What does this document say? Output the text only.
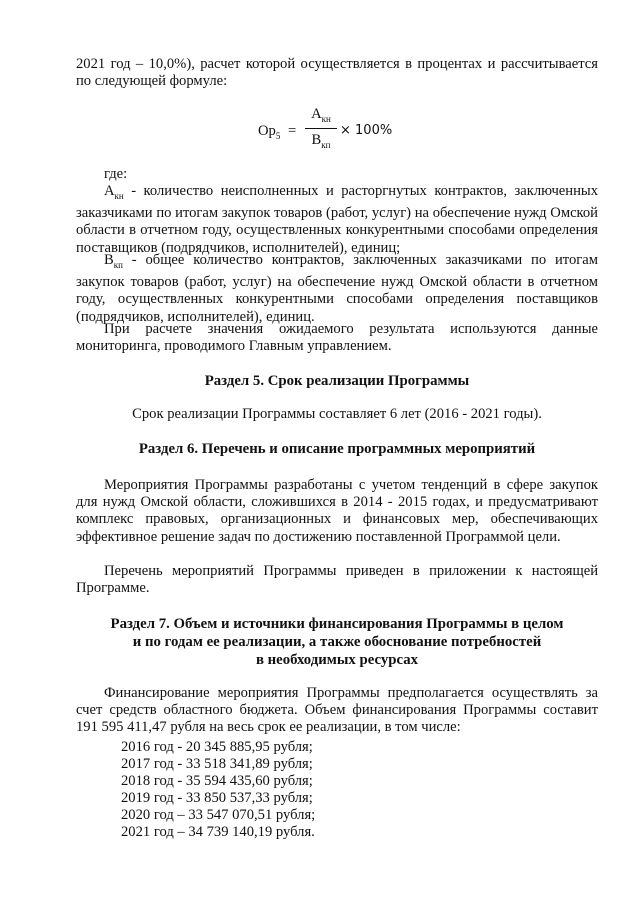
2021 год – 10,0%), расчет которой осуществляется в процентах и рассчитывается по следующей формуле:

$Ор_5$ =
$А_{кн}$
$В_{кп}$
× 100%

где:

$А_{кн}$ - количество неисполненных и расторгнутых контрактов, заключенных заказчиками по итогам закупок товаров (работ, услуг) на обеспечение нужд Омской области в отчетном году, осуществленных конкурентными способами определения поставщиков (подрядчиков, исполнителей), единиц;

$В_{кп}$ - общее количество контрактов, заключенных заказчиками по итогам закупок товаров (работ, услуг) на обеспечение нужд Омской области в отчетном году, осуществленных конкурентными способами определения поставщиков (подрядчиков, исполнителей), единиц.

При расчете значения ожидаемого результата используются данные мониторинга, проводимого Главным управлением.

Раздел 5. Срок реализации Программы

Срок реализации Программы составляет 6 лет (2016 - 2021 годы).

Раздел 6. Перечень и описание программных мероприятий

Мероприятия Программы разработаны с учетом тенденций в сфере закупок для нужд Омской области, сложившихся в 2014 - 2015 годах, и предусматривают комплекс правовых, организационных и финансовых мер, обеспечивающих эффективное решение задач по достижению поставленной Программой цели.

Перечень мероприятий Программы приведен в приложении к настоящей Программе.

Раздел 7. Объем и источники финансирования Программы в целом
и по годам ее реализации, а также обоснование потребностей
в необходимых ресурсах

Финансирование мероприятия Программы предполагается осуществлять за счет средств областного бюджета. Объем финансирования Программы составит 191 595 411,47 рубля на весь срок ее реализации, в том числе:

2016 год - 20 345 885,95 рубля;

2017 год - 33 518 341,89 рубля;

2018 год - 35 594 435,60 рубля;

2019 год - 33 850 537,33 рубля;

2020 год – 33 547 070,51 рубля;

2021 год – 34 739 140,19 рубля.
